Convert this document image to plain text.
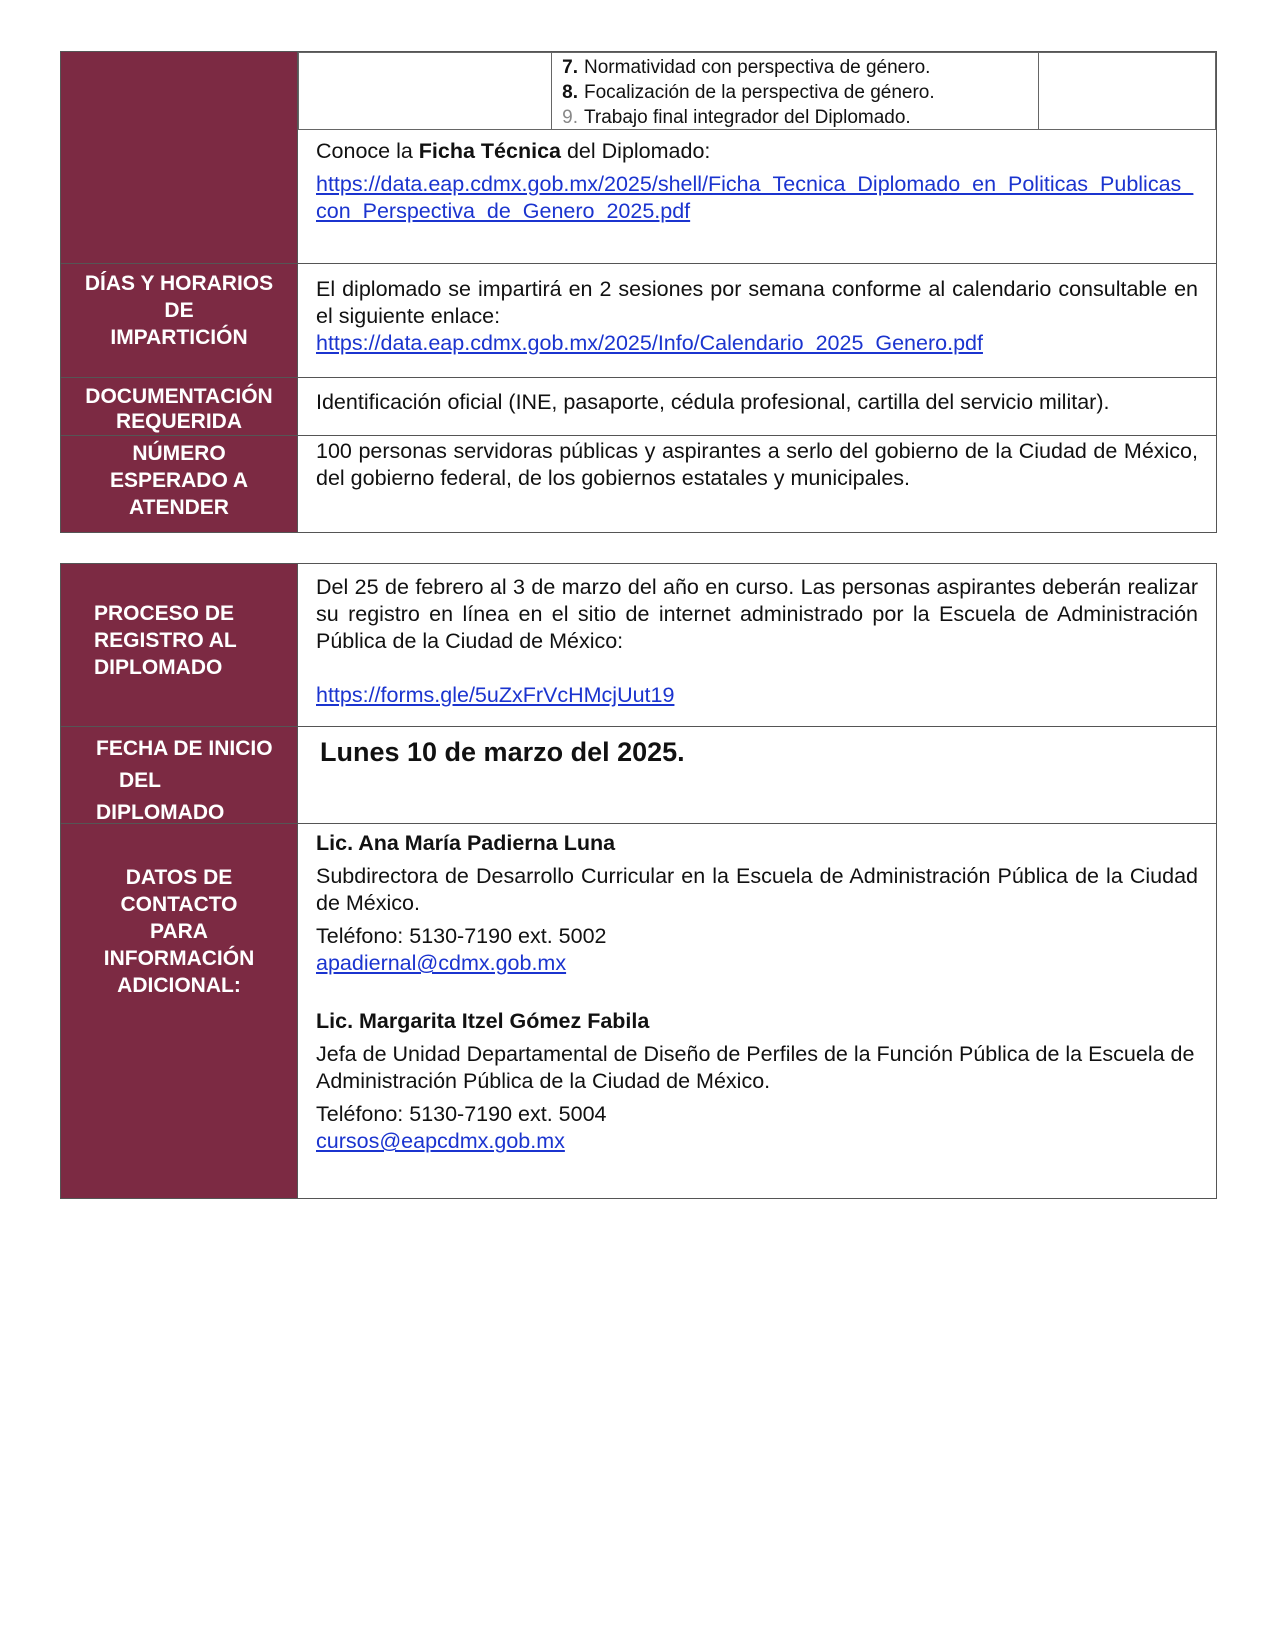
7. Normatividad con perspectiva de género.
8. Focalización de la perspectiva de género.
9. Trabajo final integrador del Diplomado.

Conoce la Ficha Técnica del Diplomado:

https://data.eap.cdmx.gob.mx/2025/shell/Ficha_Tecnica_Diplomado_en_Politicas_Publicas_con_Perspectiva_de_Genero_2025.pdf

DÍAS Y HORARIOS
DE
IMPARTICIÓN

El diplomado se impartirá en 2 sesiones por semana conforme al calendario consultable en el siguiente enlace:

https://data.eap.cdmx.gob.mx/2025/Info/Calendario_2025_Genero.pdf

DOCUMENTACIÓN
REQUERIDA
Identificación oficial (INE, pasaporte, cédula profesional, cartilla del servicio militar).
NÚMERO
ESPERADO A
ATENDER
100 personas servidoras públicas y aspirantes a serlo del gobierno de la Ciudad de México, del gobierno federal, de los gobiernos estatales y municipales.
PROCESO DE
REGISTRO AL
DIPLOMADO

Del 25 de febrero al 3 de marzo del año en curso. Las personas aspirantes deberán realizar su registro en línea en el sitio de internet administrado por la Escuela de Administración Pública de la Ciudad de México:

https://forms.gle/5uZxFrVcHMcjUut19

FECHA DE INICIO
DEL
DIPLOMADO
Lunes 10 de marzo del 2025.
DATOS DE
CONTACTO
PARA
INFORMACIÓN
ADICIONAL:

Lic. Ana María Padierna Luna

Subdirectora de Desarrollo Curricular en la Escuela de Administración Pública de la Ciudad de México.

Teléfono: 5130-7190 ext. 5002

apadiernal@cdmx.gob.mx

Lic. Margarita Itzel Gómez Fabila

Jefa de Unidad Departamental de Diseño de Perfiles de la Función Pública de la Escuela de Administración Pública de la Ciudad de México.

Teléfono: 5130-7190 ext. 5004

cursos@eapcdmx.gob.mx
